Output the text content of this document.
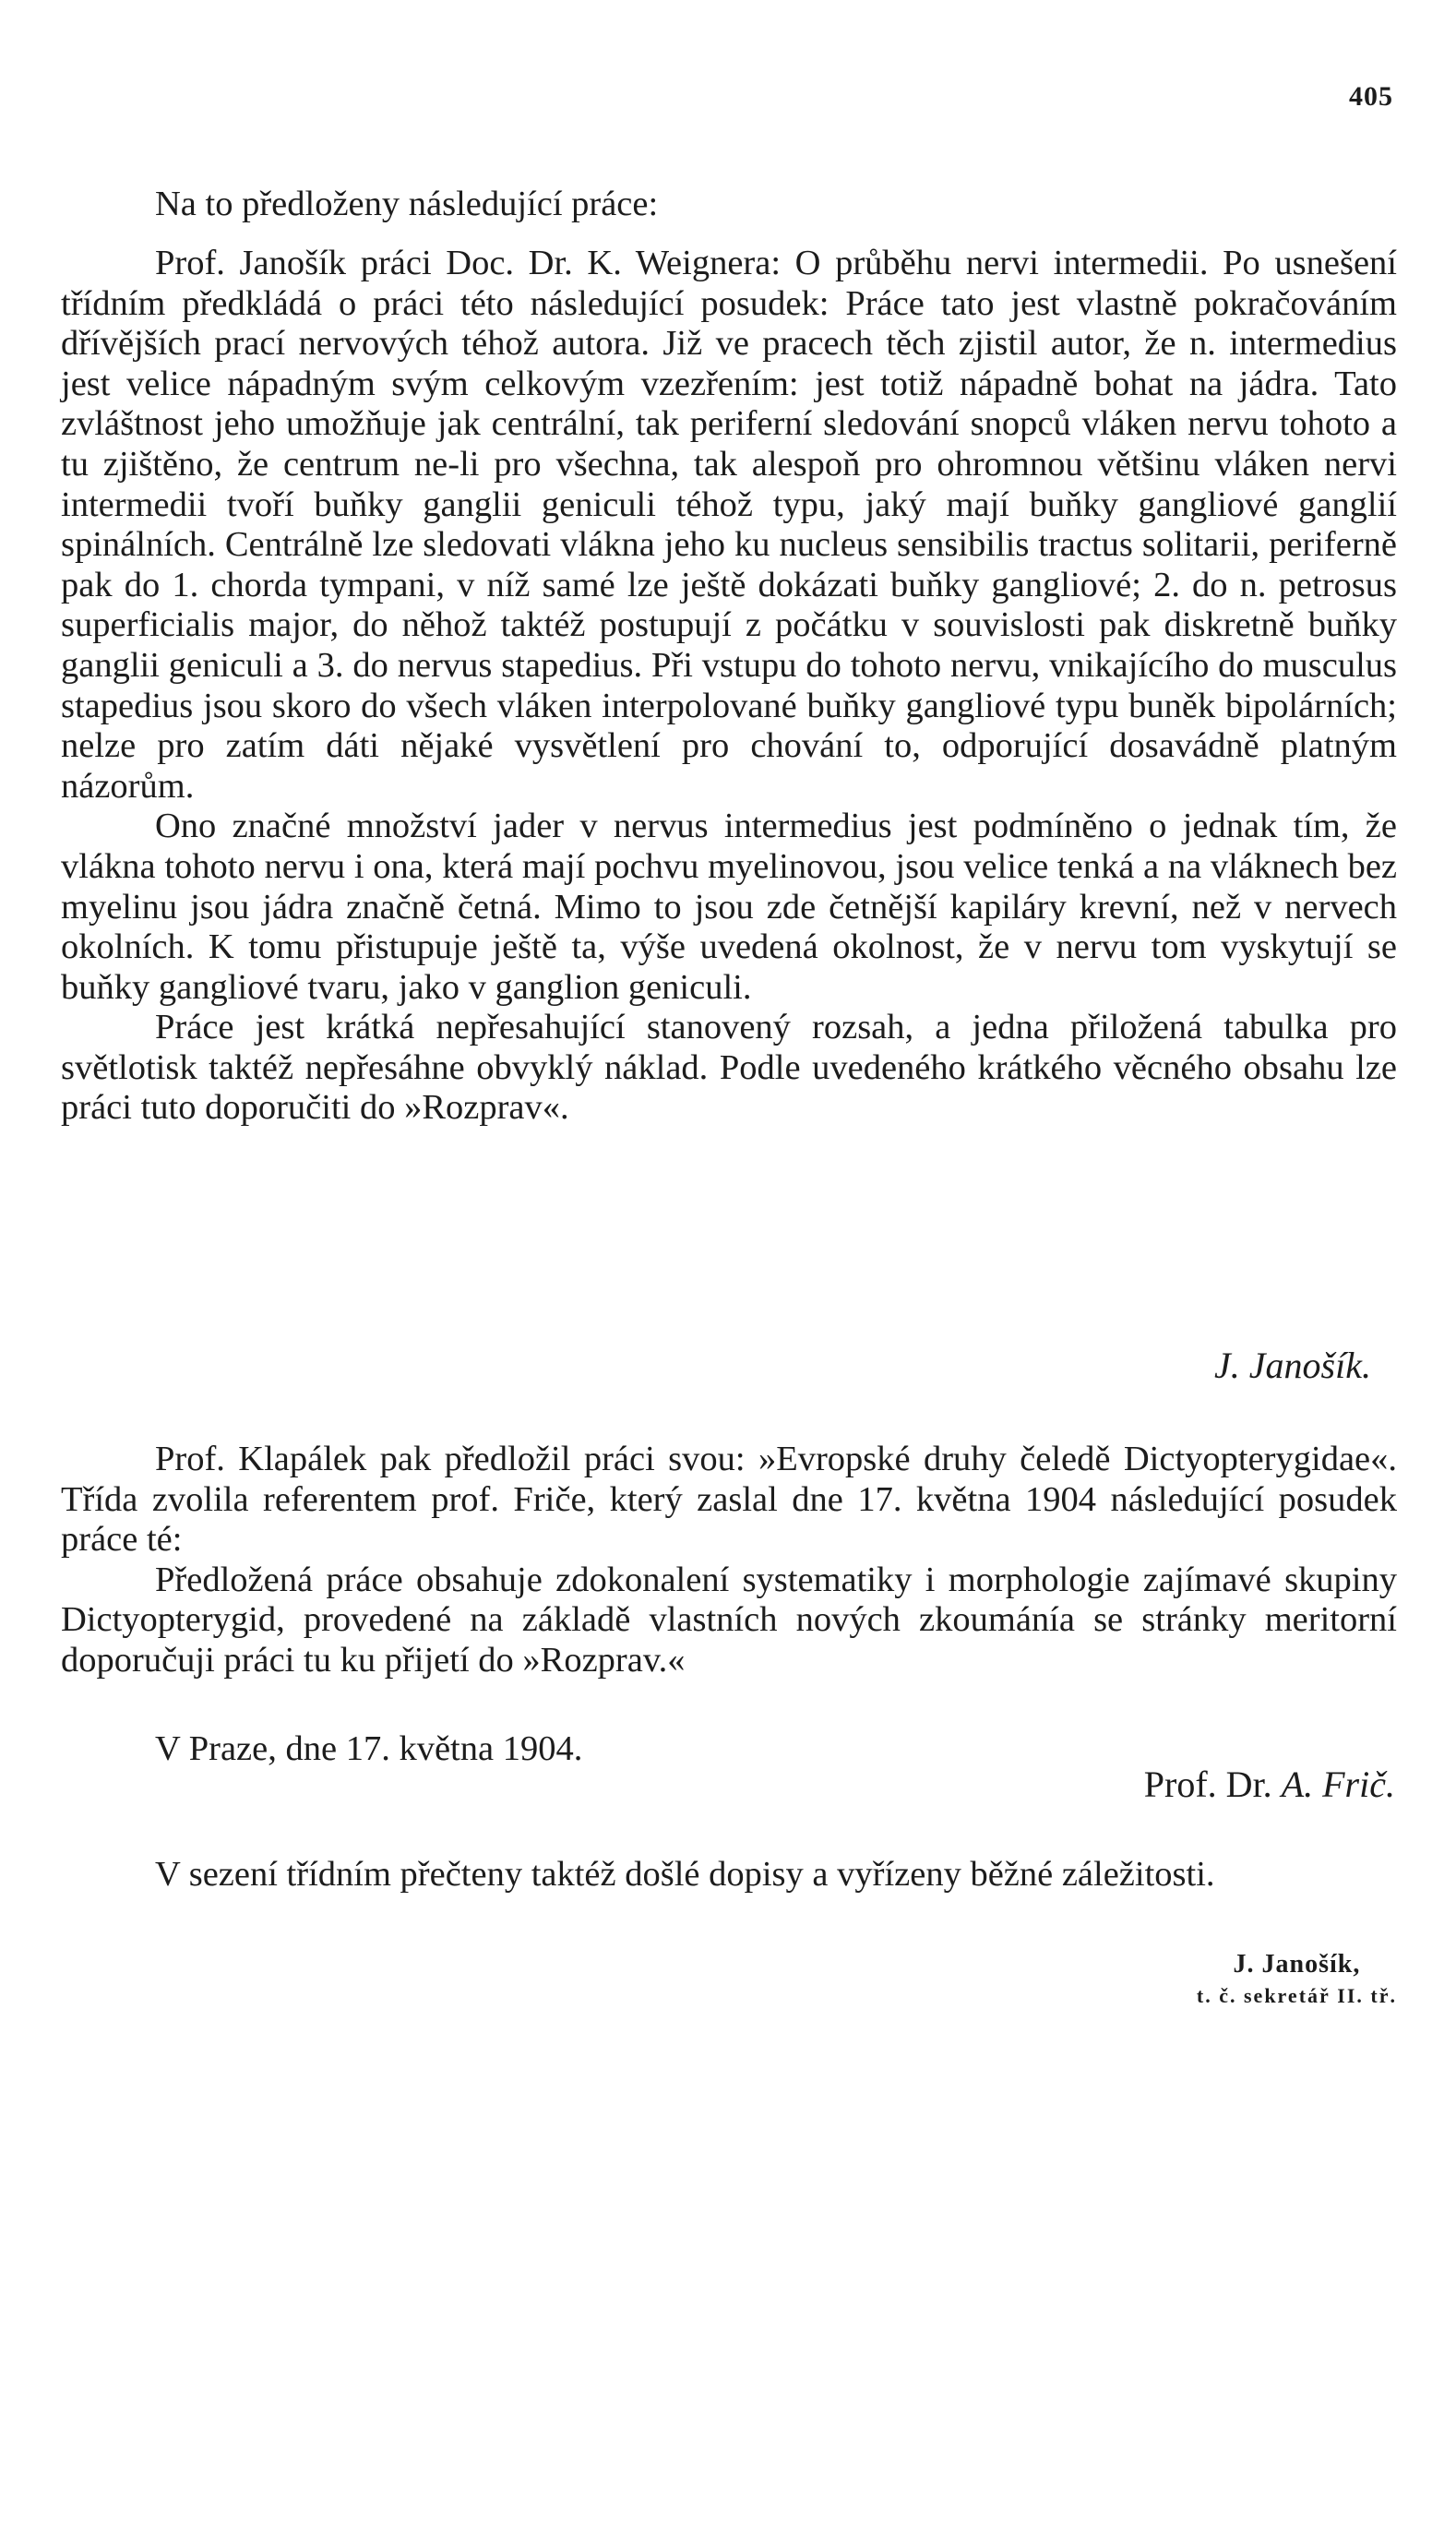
405

Na to předloženy následující práce:

Prof. Janošík práci Doc. Dr. K. Weignera: O průběhu nervi intermedii. Po usnešení třídním předkládá o práci této následující posudek: Práce tato jest vlastně pokračováním dřívějších prací nervových téhož autora. Již ve pracech těch zjistil autor, že n. intermedius jest velice nápadným svým celkovým vzezřením: jest totiž nápadně bohat na jádra. Tato zvláštnost jeho umožňuje jak centrální, tak periferní sledování snopců vláken nervu tohoto a tu zjištěno, že centrum ne-li pro všechna, tak alespoň pro ohromnou většinu vláken nervi intermedii tvoří buňky ganglii geniculi téhož typu, jaký mají buňky gangliové ganglií spinálních. Centrálně lze sledovati vlákna jeho ku nucleus sensibilis tractus solitarii, periferně pak do 1. chorda tympani, v níž samé lze ještě dokázati buňky gangliové; 2. do n. petrosus superficialis major, do něhož taktéž postupují z počátku v souvislosti pak diskretně buňky ganglii geniculi a 3. do nervus stapedius. Při vstupu do tohoto nervu, vnikajícího do musculus stapedius jsou skoro do všech vláken interpolované buňky gangliové typu buněk bipolárních; nelze pro zatím dáti nějaké vysvětlení pro chování to, odporující dosavádně platným názorům.

Ono značné množství jader v nervus intermedius jest podmíněno o jednak tím, že vlákna tohoto nervu i ona, která mají pochvu myelinovou, jsou velice tenká a na vláknech bez myelinu jsou jádra značně četná. Mimo to jsou zde četnější kapiláry krevní, než v nervech okolních. K tomu přistupuje ještě ta, výše uvedená okolnost, že v nervu tom vyskytují se buňky gangliové tvaru, jako v ganglion geniculi.

Práce jest krátká nepřesahující stanovený rozsah, a jedna přiložená tabulka pro světlotisk taktéž nepřesáhne obvyklý náklad. Podle uvedeného krátkého věcného obsahu lze práci tuto doporučiti do »Rozprav«.

J. Janošík.

Prof. Klapálek pak předložil práci svou: »Evropské druhy čeledě Dictyopterygidae«. Třída zvolila referentem prof. Friče, který zaslal dne 17. května 1904 následující posudek práce té:

Předložená práce obsahuje zdokonalení systematiky i morphologie zajímavé skupiny Dictyopterygid, provedené na základě vlastních nových zkoumánía se stránky meritorní doporučuji práci tu ku přijetí do »Rozprav.«

V Praze, dne 17. května 1904.

Prof. Dr. A. Frič.

V sezení třídním přečteny taktéž došlé dopisy a vyřízeny běžné záležitosti.

J. Janošík,
t. č. sekretář II. tř.
